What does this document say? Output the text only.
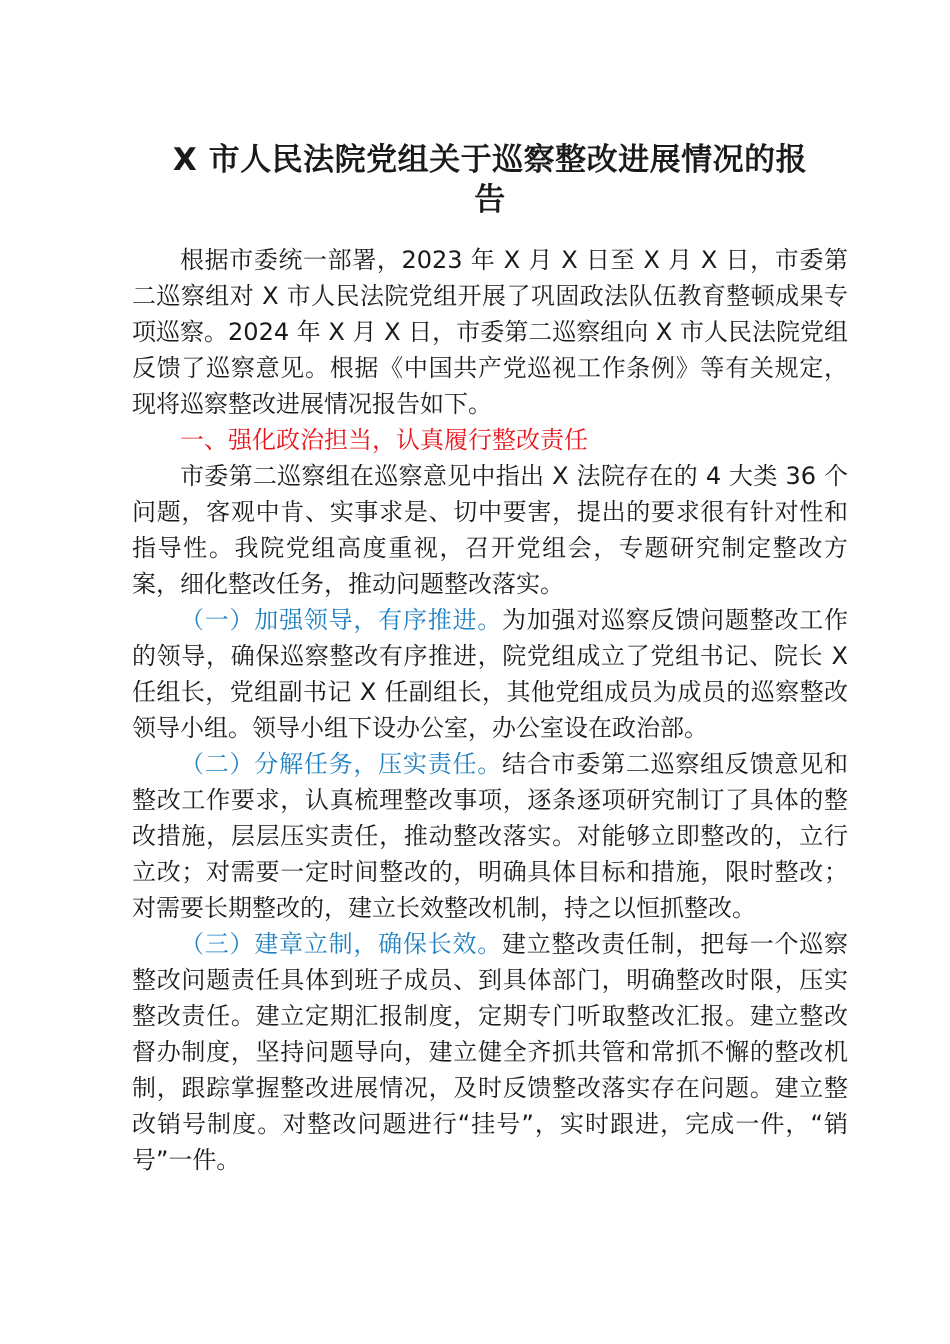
X 市人民法院党组关于巡察整改进展情况的报
告

根据市委统一部署，2023 年 X 月 X 日至 X 月 X 日，市委第二巡察组对 X 市人民法院党组开展了巩固政法队伍教育整顿成果专项巡察。2024 年 X 月 X 日，市委第二巡察组向 X 市人民法院党组反馈了巡察意见。根据《中国共产党巡视工作条例》等有关规定，现将巡察整改进展情况报告如下。

一、强化政治担当，认真履行整改责任

市委第二巡察组在巡察意见中指出 X 法院存在的 4 大类 36 个问题，客观中肯、实事求是、切中要害，提出的要求很有针对性和指导性。我院党组高度重视，召开党组会，专题研究制定整改方案，细化整改任务，推动问题整改落实。

（一）加强领导，有序推进。为加强对巡察反馈问题整改工作的领导，确保巡察整改有序推进，院党组成立了党组书记、院长 X 任组长，党组副书记 X 任副组长，其他党组成员为成员的巡察整改领导小组。领导小组下设办公室，办公室设在政治部。

（二）分解任务，压实责任。结合市委第二巡察组反馈意见和整改工作要求，认真梳理整改事项，逐条逐项研究制订了具体的整改措施，层层压实责任，推动整改落实。对能够立即整改的，立行立改；对需要一定时间整改的，明确具体目标和措施，限时整改；对需要长期整改的，建立长效整改机制，持之以恒抓整改。

（三）建章立制，确保长效。建立整改责任制，把每一个巡察整改问题责任具体到班子成员、到具体部门，明确整改时限，压实整改责任。建立定期汇报制度，定期专门听取整改汇报。建立整改督办制度，坚持问题导向，建立健全齐抓共管和常抓不懈的整改机制，跟踪掌握整改进展情况，及时反馈整改落实存在问题。建立整改销号制度。对整改问题进行“挂号”，实时跟进，完成一件，“销号”一件。
